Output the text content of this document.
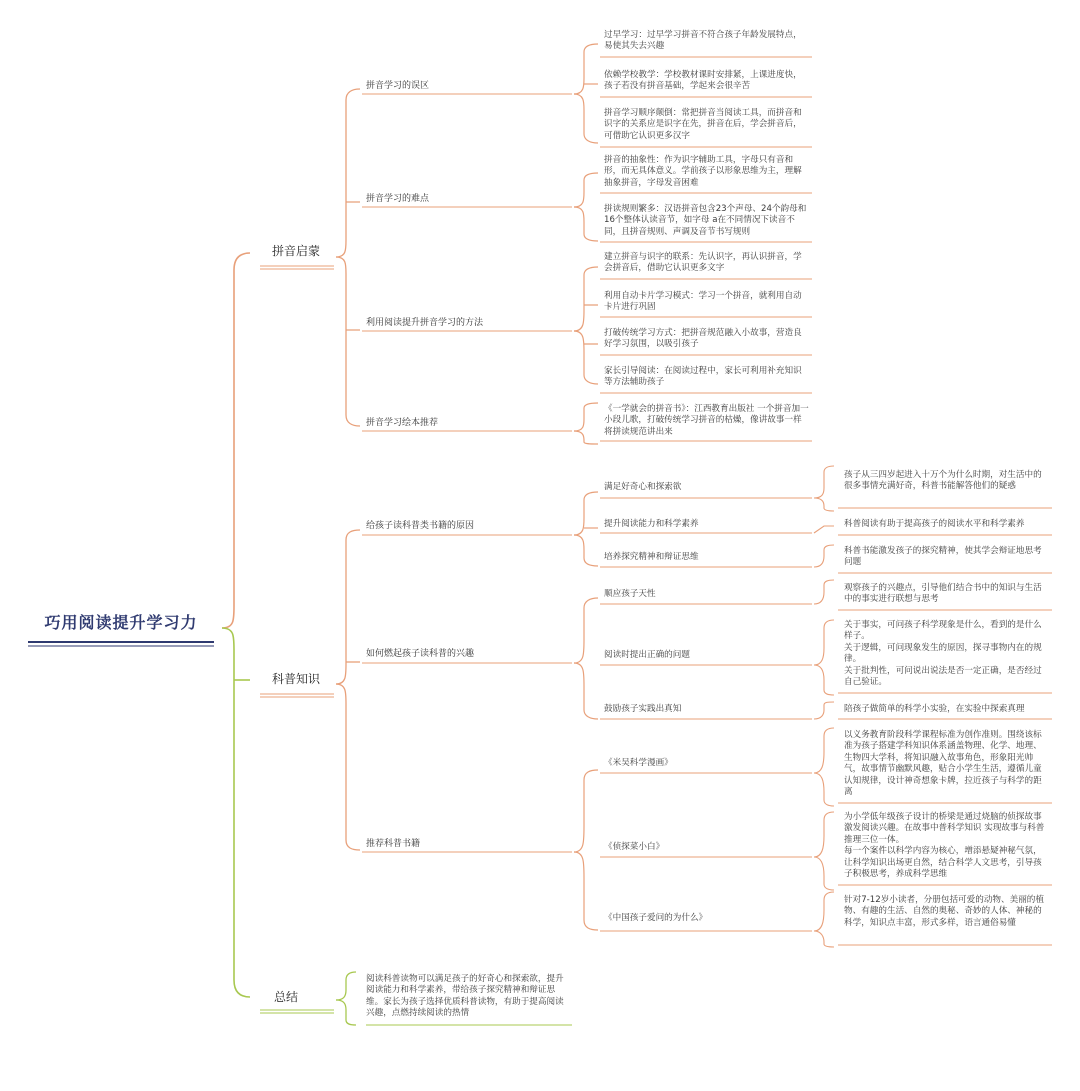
巧用阅读提升学习力
拼音启蒙
科普知识
总结
拼音学习的误区
拼音学习的难点
利用阅读提升拼音学习的方法
拼音学习绘本推荐
过早学习：过早学习拼音不符合孩子年龄发展特点，易使其失去兴趣
依赖学校教学：学校教材课时安排紧，上课进度快，孩子若没有拼音基础，学起来会很辛苦
拼音学习顺序颠倒：常把拼音当阅读工具，而拼音和识字的关系应是识字在先，拼音在后，学会拼音后，可借助它认识更多汉字
拼音的抽象性：作为识字辅助工具，字母只有音和形，而无具体意义。学前孩子以形象思维为主，理解抽象拼音，字母发音困难
拼读规则繁多：汉语拼音包含23个声母、24个韵母和16个整体认读音节，如字母 a在不同情况下读音不同，且拼音规则、声调及音节书写规则
建立拼音与识字的联系：先认识字，再认识拼音，学会拼音后，借助它认识更多文字
利用自动卡片学习模式：学习一个拼音，就利用自动卡片进行巩固
打破传统学习方式：把拼音规范融入小故事，营造良好学习氛围，以吸引孩子
家长引导阅读：在阅读过程中，家长可利用补充知识等方法辅助孩子
《一学就会的拼音书》：江西教育出版社 一个拼音加一小段儿歌，打破传统学习拼音的枯燥，像讲故事一样将拼读规范讲出来
给孩子读科普类书籍的原因
如何燃起孩子读科普的兴趣
推荐科普书籍
满足好奇心和探索欲
提升阅读能力和科学素养
培养探究精神和辩证思维
顺应孩子天性
阅读时提出正确的问题
鼓励孩子实践出真知
《米吴科学漫画》
《侦探菜小白》
《中国孩子爱问的为什么》
孩子从三四岁起进入十万个为什么时期，对生活中的很多事情充满好奇，科普书能解答他们的疑惑
科普阅读有助于提高孩子的阅读水平和科学素养
科普书能激发孩子的探究精神，使其学会辩证地思考问题
观察孩子的兴趣点，引导他们结合书中的知识与生活中的事实进行联想与思考
关于事实，可问孩子科学现象是什么，看到的是什么样子。
关于逻辑，可问现象发生的原因，探寻事物内在的规律。
关于批判性，可问说出说法是否一定正确，是否经过自己验证。
陪孩子做简单的科学小实验，在实验中探索真理
以义务教育阶段科学课程标准为创作准则。围绕该标准为孩子搭建学科知识体系涵盖物理、化学、地理、生物四大学科，将知识融入故事角色，形象阳光帅气，故事情节幽默风趣，贴合小学生生活，遵循儿童认知规律，设计神奇想象卡牌，拉近孩子与科学的距离
为小学低年级孩子设计的桥梁是通过烧脑的侦探故事激发阅读兴趣。在故事中普科学知识 实现故事与科普推理三位一体。
每一个案件以科学内容为核心，增添悬疑神秘气氛，让科学知识出场更自然，结合科学人文思考，引导孩子积极思考，养成科学思维
针对7-12岁小读者，分册包括可爱的动物、美丽的植物、有趣的生活、自然的奥秘、奇妙的人体、神秘的科学，知识点丰富，形式多样，语言通俗易懂
阅读科普读物可以满足孩子的好奇心和探索欲，提升阅读能力和科学素养，带给孩子探究精神和辩证思维。家长为孩子选择优质科普读物，有助于提高阅读兴趣，点燃持续阅读的热情
